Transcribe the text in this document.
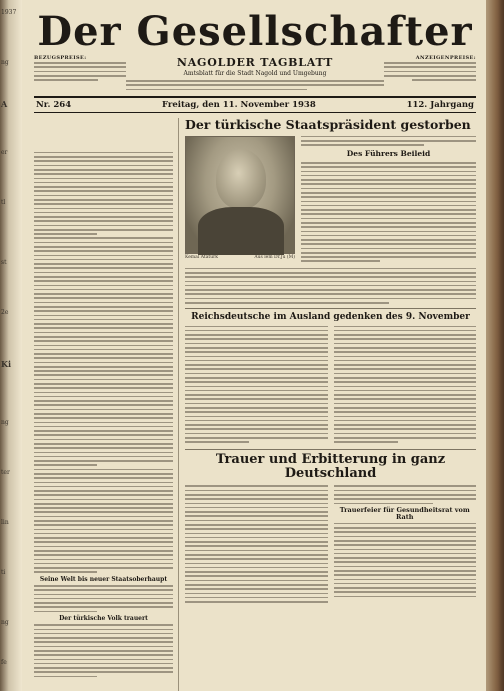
1937
ng
A
er
tl
st
2e
Ki
ng
ter
lin
ti
ng
fe
Der Gesellschafter
BEZUGSPREISE:	NAGOLDER TAGBLATT
Amtsblatt für die Stadt Nagold und Umgebung
ANZEIGENPREISE:
Nr. 264	Freitag, den 11. November 1938	112. Jahrgang
Seine Welt bis neuer Staatsoberhaupt
Der türkische Volk trauert
Der türkische Staatspräsident gestorben
Kemal Atatürk	Aus lem Dr.Ju (M)
Des Führers Beileid
Reichsdeutsche im Ausland gedenken des 9. November
Trauer und Erbitterung in ganz Deutschland
Trauerfeier für Gesundheitsrat vom Rath
